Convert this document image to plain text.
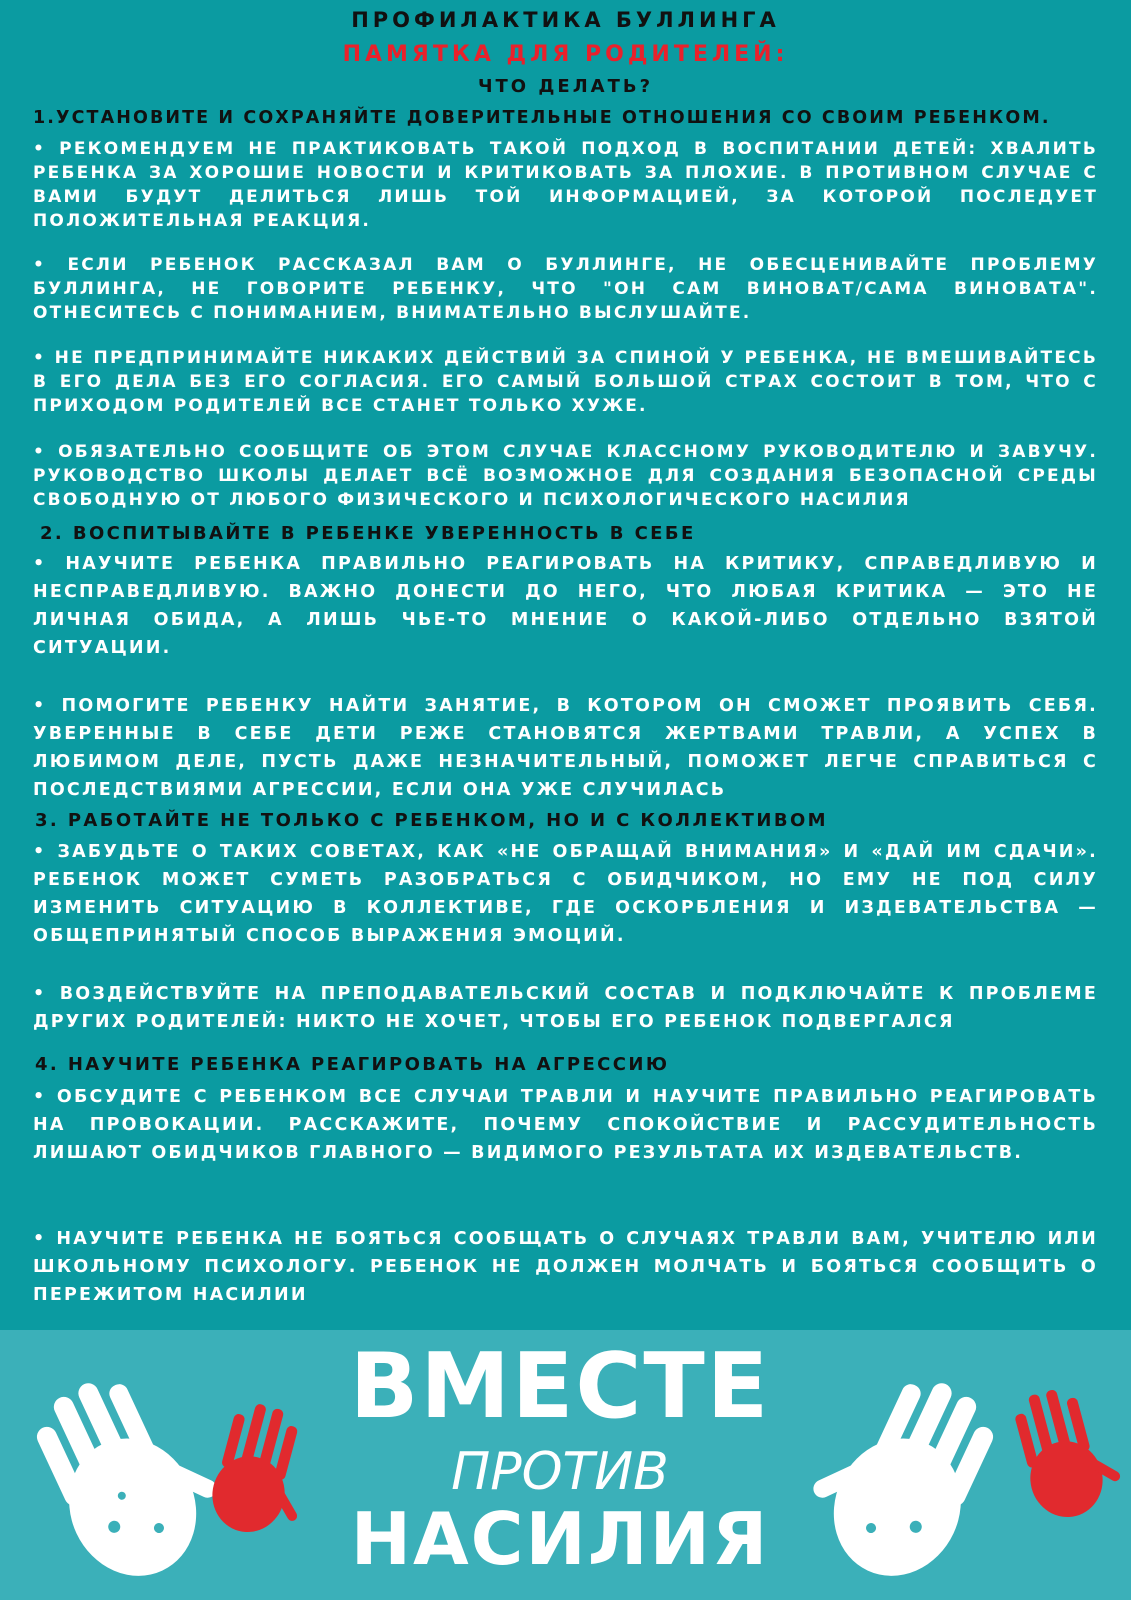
ПРОФИЛАКТИКА БУЛЛИНГА
ПАМЯТКА ДЛЯ РОДИТЕЛЕЙ:
ЧТО ДЕЛАТЬ?
1.УСТАНОВИТЕ И СОХРАНЯЙТЕ ДОВЕРИТЕЛЬНЫЕ ОТНОШЕНИЯ СО СВОИМ РЕБЕНКОМ.
• РЕКОМЕНДУЕМ НЕ ПРАКТИКОВАТЬ ТАКОЙ ПОДХОД В ВОСПИТАНИИ ДЕТЕЙ: ХВАЛИТЬ РЕБЕНКА ЗА ХОРОШИЕ НОВОСТИ И КРИТИКОВАТЬ ЗА ПЛОХИЕ. В ПРОТИВНОМ СЛУЧАЕ С ВАМИ БУДУТ ДЕЛИТЬСЯ ЛИШЬ ТОЙ ИНФОРМАЦИЕЙ, ЗА КОТОРОЙ ПОСЛЕДУЕТ ПОЛОЖИТЕЛЬНАЯ РЕАКЦИЯ.
• ЕСЛИ РЕБЕНОК РАССКАЗАЛ ВАМ О БУЛЛИНГЕ, НЕ ОБЕСЦЕНИВАЙТЕ ПРОБЛЕМУ БУЛЛИНГА, НЕ ГОВОРИТЕ РЕБЕНКУ, ЧТО "ОН САМ ВИНОВАТ/САМА ВИНОВАТА". ОТНЕСИТЕСЬ С ПОНИМАНИЕМ, ВНИМАТЕЛЬНО ВЫСЛУШАЙТЕ.
• НЕ ПРЕДПРИНИМАЙТЕ НИКАКИХ ДЕЙСТВИЙ ЗА СПИНОЙ У РЕБЕНКА, НЕ ВМЕШИВАЙТЕСЬ В ЕГО ДЕЛА БЕЗ ЕГО СОГЛАСИЯ. ЕГО САМЫЙ БОЛЬШОЙ СТРАХ СОСТОИТ В ТОМ, ЧТО С ПРИХОДОМ РОДИТЕЛЕЙ ВСЕ СТАНЕТ ТОЛЬКО ХУЖЕ.
• ОБЯЗАТЕЛЬНО СООБЩИТЕ ОБ ЭТОМ СЛУЧАЕ КЛАССНОМУ РУКОВОДИТЕЛЮ И ЗАВУЧУ. РУКОВОДСТВО ШКОЛЫ ДЕЛАЕТ ВСЁ ВОЗМОЖНОЕ ДЛЯ СОЗДАНИЯ БЕЗОПАСНОЙ СРЕДЫ СВОБОДНУЮ ОТ ЛЮБОГО ФИЗИЧЕСКОГО И ПСИХОЛОГИЧЕСКОГО НАСИЛИЯ
2. ВОСПИТЫВАЙТЕ В РЕБЕНКЕ УВЕРЕННОСТЬ В СЕБЕ
• НАУЧИТЕ РЕБЕНКА ПРАВИЛЬНО РЕАГИРОВАТЬ НА КРИТИКУ, СПРАВЕДЛИВУЮ И НЕСПРАВЕДЛИВУЮ. ВАЖНО ДОНЕСТИ ДО НЕГО, ЧТО ЛЮБАЯ КРИТИКА — ЭТО НЕ ЛИЧНАЯ ОБИДА, А ЛИШЬ ЧЬЕ-ТО МНЕНИЕ О КАКОЙ-ЛИБО ОТДЕЛЬНО ВЗЯТОЙ СИТУАЦИИ.
• ПОМОГИТЕ РЕБЕНКУ НАЙТИ ЗАНЯТИЕ, В КОТОРОМ ОН СМОЖЕТ ПРОЯВИТЬ СЕБЯ. УВЕРЕННЫЕ В СЕБЕ ДЕТИ РЕЖЕ СТАНОВЯТСЯ ЖЕРТВАМИ ТРАВЛИ, А УСПЕХ В ЛЮБИМОМ ДЕЛЕ, ПУСТЬ ДАЖЕ НЕЗНАЧИТЕЛЬНЫЙ, ПОМОЖЕТ ЛЕГЧЕ СПРАВИТЬСЯ С ПОСЛЕДСТВИЯМИ АГРЕССИИ, ЕСЛИ ОНА УЖЕ СЛУЧИЛАСЬ
3. РАБОТАЙТЕ НЕ ТОЛЬКО С РЕБЕНКОМ, НО И С КОЛЛЕКТИВОМ
• ЗАБУДЬТЕ О ТАКИХ СОВЕТАХ, КАК «НЕ ОБРАЩАЙ ВНИМАНИЯ» И «ДАЙ ИМ СДАЧИ». РЕБЕНОК МОЖЕТ СУМЕТЬ РАЗОБРАТЬСЯ С ОБИДЧИКОМ, НО ЕМУ НЕ ПОД СИЛУ ИЗМЕНИТЬ СИТУАЦИЮ В КОЛЛЕКТИВЕ, ГДЕ ОСКОРБЛЕНИЯ И ИЗДЕВАТЕЛЬСТВА — ОБЩЕПРИНЯТЫЙ СПОСОБ ВЫРАЖЕНИЯ ЭМОЦИЙ.
• ВОЗДЕЙСТВУЙТЕ НА ПРЕПОДАВАТЕЛЬСКИЙ СОСТАВ И ПОДКЛЮЧАЙТЕ К ПРОБЛЕМЕ ДРУГИХ РОДИТЕЛЕЙ: НИКТО НЕ ХОЧЕТ, ЧТОБЫ ЕГО РЕБЕНОК ПОДВЕРГАЛСЯ
4. НАУЧИТЕ РЕБЕНКА РЕАГИРОВАТЬ НА АГРЕССИЮ
• ОБСУДИТЕ С РЕБЕНКОМ ВСЕ СЛУЧАИ ТРАВЛИ И НАУЧИТЕ ПРАВИЛЬНО РЕАГИРОВАТЬ НА ПРОВОКАЦИИ. РАССКАЖИТЕ, ПОЧЕМУ СПОКОЙСТВИЕ И РАССУДИТЕЛЬНОСТЬ ЛИШАЮТ ОБИДЧИКОВ ГЛАВНОГО — ВИДИМОГО РЕЗУЛЬТАТА ИХ ИЗДЕВАТЕЛЬСТВ.
• НАУЧИТЕ РЕБЕНКА НЕ БОЯТЬСЯ СООБЩАТЬ О СЛУЧАЯХ ТРАВЛИ ВАМ, УЧИТЕЛЮ ИЛИ ШКОЛЬНОМУ ПСИХОЛОГУ. РЕБЕНОК НЕ ДОЛЖЕН МОЛЧАТЬ И БОЯТЬСЯ СООБЩИТЬ О ПЕРЕЖИТОМ НАСИЛИИ
ВМЕСТЕ
ПРОТИВ
НАСИЛИЯ
